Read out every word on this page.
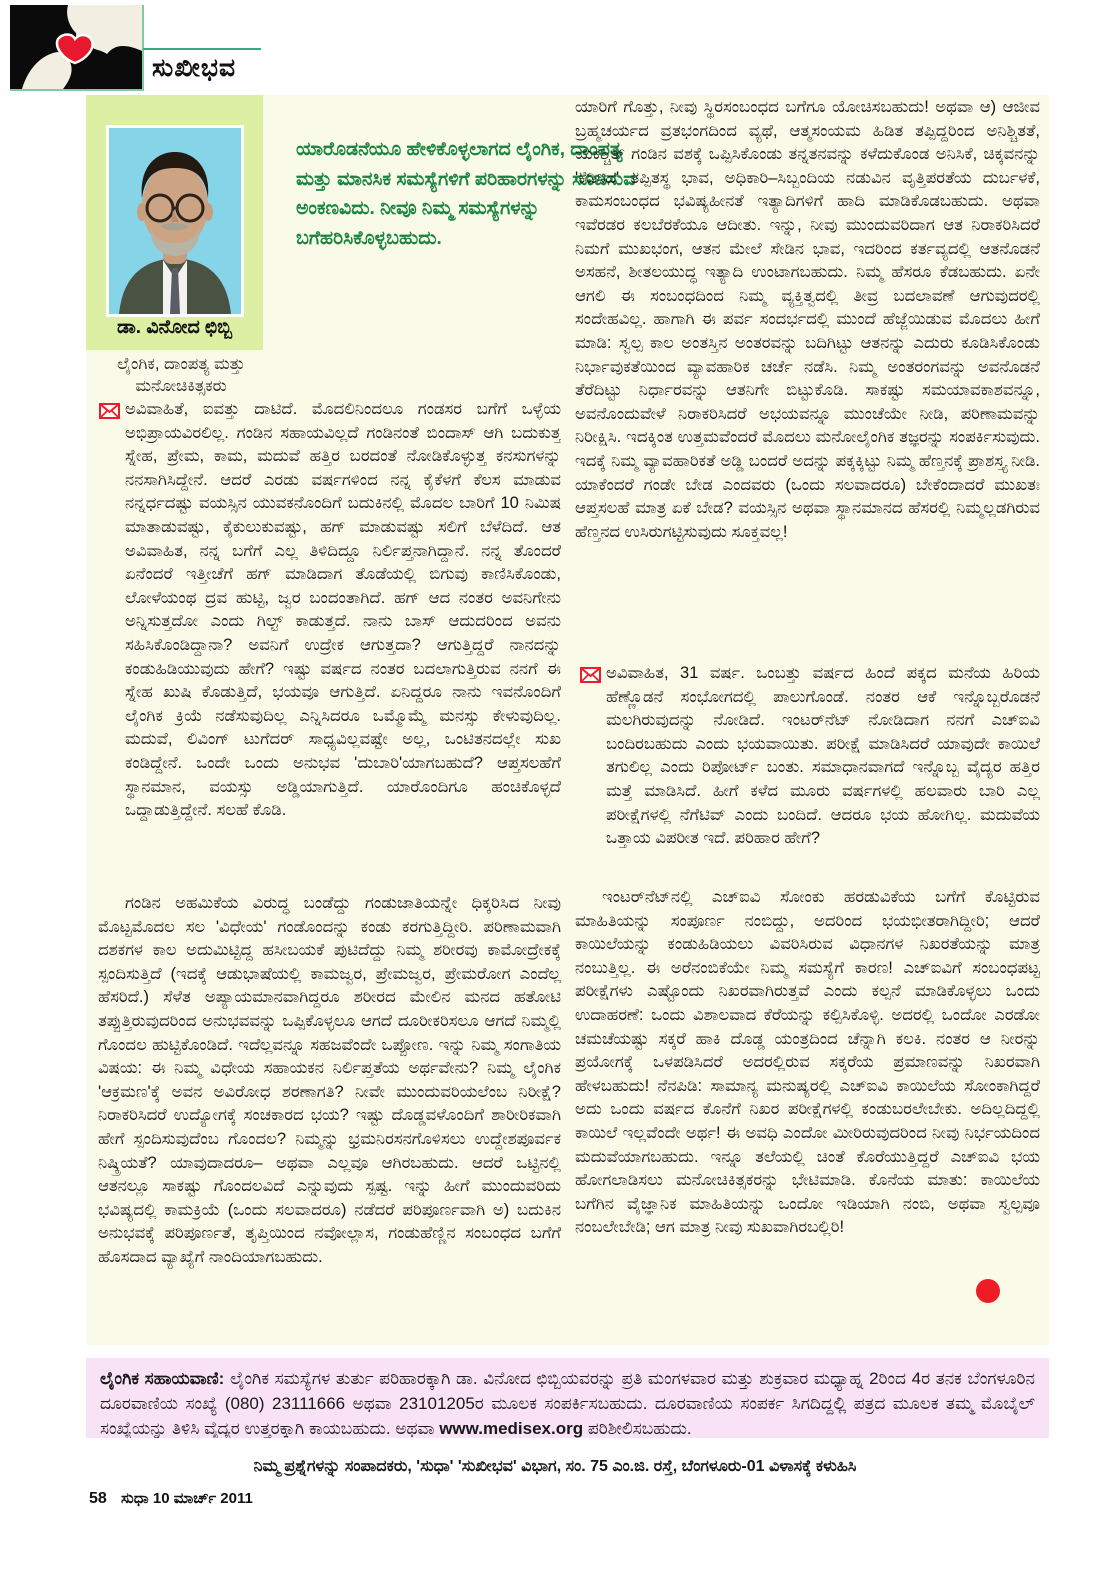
ಸುಖೀಭವ
ಡಾ. ವಿನೋದ ಛಿಬ್ಬಿ
ಲೈಂಗಿಕ, ದಾಂಪತ್ಯ ಮತ್ತು
ಮನೋಚಿಕಿತ್ಸಕರು
ಯಾರೊಡನೆಯೂ ಹೇಳಿಕೊಳ್ಳಲಾಗದ ಲೈಂಗಿಕ, ದಾಂಪತ್ಯ ಮತ್ತು ಮಾನಸಿಕ ಸಮಸ್ಯೆಗಳಿಗೆ ಪರಿಹಾರಗಳನ್ನು ಸೂಚಿಸುವ ಅಂಕಣವಿದು. ನೀವೂ ನಿಮ್ಮ ಸಮಸ್ಯೆಗಳನ್ನು ಬಗೆಹರಿಸಿಕೊಳ್ಳಬಹುದು.
ಅವಿವಾಹಿತೆ, ಐವತ್ತು ದಾಟಿದೆ. ಮೊದಲಿನಿಂದಲೂ ಗಂಡಸರ ಬಗೆಗೆ ಒಳ್ಳೆಯ ಅಭಿಪ್ರಾಯವಿರಲಿಲ್ಲ. ಗಂಡಿನ ಸಹಾಯವಿಲ್ಲದೆ ಗಂಡಿನಂತೆ ಬಿಂದಾಸ್ ಆಗಿ ಬದುಕುತ್ತ ಸ್ನೇಹ, ಪ್ರೇಮ, ಕಾಮ, ಮದುವೆ ಹತ್ತಿರ ಬರದಂತೆ ನೋಡಿಕೊಳ್ಳುತ್ತ ಕನಸುಗಳನ್ನು ನನಸಾಗಿಸಿದ್ದೇನೆ. ಆದರೆ ಎರಡು ವರ್ಷಗಳಿಂದ ನನ್ನ ಕೈಕೆಳಗೆ ಕೆಲಸ ಮಾಡುವ ನನ್ನರ್ಧದಷ್ಟು ವಯಸ್ಸಿನ ಯುವಕನೊಂದಿಗೆ ಬದುಕಿನಲ್ಲಿ ಮೊದಲ ಬಾರಿಗೆ 10 ನಿಮಿಷ ಮಾತಾಡುವಷ್ಟು, ಕೈಕುಲುಕುವಷ್ಟು, ಹಗ್ ಮಾಡುವಷ್ಟು ಸಲಿಗೆ ಬೆಳೆದಿದೆ. ಆತ ಅವಿವಾಹಿತ, ನನ್ನ ಬಗೆಗೆ ಎಲ್ಲ ತಿಳಿದಿದ್ದೂ ನಿರ್ಲಿಪ್ತನಾಗಿದ್ದಾನೆ. ನನ್ನ ತೊಂದರೆ ಏನೆಂದರೆ ಇತ್ತೀಚೆಗೆ ಹಗ್ ಮಾಡಿದಾಗ ತೊಡೆಯಲ್ಲಿ ಬಿಗುವು ಕಾಣಿಸಿಕೊಂಡು, ಲೋಳೆಯಂಥ ದ್ರವ ಹುಟ್ಟಿ, ಜ್ವರ ಬಂದಂತಾಗಿದೆ. ಹಗ್ ಆದ ನಂತರ ಅವನಿಗೇನು ಅನ್ನಿಸುತ್ತದೋ ಎಂದು ಗಿಲ್ಟ್ ಕಾಡುತ್ತದೆ. ನಾನು ಬಾಸ್ ಆದುದರಿಂದ ಅವನು ಸಹಿಸಿಕೊಂಡಿದ್ದಾನಾ? ಅವನಿಗೆ ಉದ್ರೇಕ ಆಗುತ್ತದಾ? ಆಗುತ್ತಿದ್ದರೆ ನಾನದನ್ನು ಕಂಡುಹಿಡಿಯುವುದು ಹೇಗೆ? ಇಷ್ಟು ವರ್ಷದ ನಂತರ ಬದಲಾಗುತ್ತಿರುವ ನನಗೆ ಈ ಸ್ನೇಹ ಖುಷಿ ಕೊಡುತ್ತಿದೆ, ಭಯವೂ ಆಗುತ್ತಿದೆ. ಏನಿದ್ದರೂ ನಾನು ಇವನೊಂದಿಗೆ ಲೈಂಗಿಕ ಕ್ರಿಯೆ ನಡೆಸುವುದಿಲ್ಲ ಎನ್ನಿಸಿದರೂ ಒಮ್ಮೊಮ್ಮೆ ಮನಸ್ಸು ಕೇಳುವುದಿಲ್ಲ. ಮದುವೆ, ಲಿವಿಂಗ್ ಟುಗೆದರ್ ಸಾಧ್ಯವಿಲ್ಲವಷ್ಟೇ ಅಲ್ಲ, ಒಂಟಿತನದಲ್ಲೇ ಸುಖ ಕಂಡಿದ್ದೇನೆ. ಒಂದೇ ಒಂದು ಅನುಭವ 'ದುಬಾರಿ'ಯಾಗಬಹುದೆ? ಆಪ್ತಸಲಹೆಗೆ ಸ್ಥಾನಮಾನ, ವಯಸ್ಸು ಅಡ್ಡಿಯಾಗುತ್ತಿದೆ. ಯಾರೊಂದಿಗೂ ಹಂಚಿಕೊಳ್ಳದೆ ಒದ್ದಾಡುತ್ತಿದ್ದೇನೆ. ಸಲಹೆ ಕೊಡಿ.
ಗಂಡಿನ ಅಹಮಿಕೆಯ ವಿರುದ್ಧ ಬಂಡೆದ್ದು ಗಂಡುಜಾತಿಯನ್ನೇ ಧಿಕ್ಕರಿಸಿದ ನೀವು ಮೊಟ್ಟಮೊದಲ ಸಲ 'ವಿಧೇಯ' ಗಂಡೊಂದನ್ನು ಕಂಡು ಕರಗುತ್ತಿದ್ದೀರಿ. ಪರಿಣಾಮವಾಗಿ ದಶಕಗಳ ಕಾಲ ಅದುಮಿಟ್ಟಿದ್ದ ಹಸೀಬಯಕೆ ಪುಟಿದೆದ್ದು ನಿಮ್ಮ ಶರೀರವು ಕಾಮೋದ್ರೇಕಕ್ಕೆ ಸ್ಪಂದಿಸುತ್ತಿದೆ (ಇದಕ್ಕೆ ಆಡುಭಾಷೆಯಲ್ಲಿ ಕಾಮಜ್ವರ, ಪ್ರೇಮಜ್ವರ, ಪ್ರೇಮರೋಗ ಎಂದೆಲ್ಲ ಹೆಸರಿದೆ.) ಸೆಳೆತ ಅಪ್ಯಾಯಮಾನವಾಗಿದ್ದರೂ ಶರೀರದ ಮೇಲಿನ ಮನದ ಹತೋಟಿ ತಪ್ಪುತ್ತಿರುವುದರಿಂದ ಅನುಭವವನ್ನು ಒಪ್ಪಿಕೊಳ್ಳಲೂ ಆಗದೆ ದೂರೀಕರಿಸಲೂ ಆಗದೆ ನಿಮ್ಮಲ್ಲಿ ಗೊಂದಲ ಹುಟ್ಟಿಕೊಂಡಿದೆ. ಇದೆಲ್ಲವನ್ನೂ ಸಹಜವೆಂದೇ ಒಪ್ಪೋಣ. ಇನ್ನು ನಿಮ್ಮ ಸಂಗಾತಿಯ ವಿಷಯ: ಈ ನಿಮ್ಮ ವಿಧೇಯ ಸಹಾಯಕನ ನಿರ್ಲಿಪ್ತತೆಯ ಅರ್ಥವೇನು? ನಿಮ್ಮ ಲೈಂಗಿಕ 'ಆಕ್ರಮಣ'ಕ್ಕೆ ಅವನ ಅವಿರೋಧ ಶರಣಾಗತಿ? ನೀವೇ ಮುಂದುವರಿಯಲೆಂಬ ನಿರೀಕ್ಷೆ? ನಿರಾಕರಿಸಿದರೆ ಉದ್ಯೋಗಕ್ಕೆ ಸಂಚಕಾರದ ಭಯ? ಇಷ್ಟು ದೊಡ್ಡವಳೊಂದಿಗೆ ಶಾರೀರಿಕವಾಗಿ ಹೇಗೆ ಸ್ಪಂದಿಸುವುದೆಂಬ ಗೊಂದಲ? ನಿಮ್ಮನ್ನು ಭ್ರಮನಿರಸನಗೊಳಿಸಲು ಉದ್ದೇಶಪೂರ್ವಕ ನಿಷ್ಕ್ರಿಯತೆ? ಯಾವುದಾದರೂ– ಅಥವಾ ಎಲ್ಲವೂ ಆಗಿರಬಹುದು. ಆದರೆ ಒಟ್ಟಿನಲ್ಲಿ ಆತನಲ್ಲೂ ಸಾಕಷ್ಟು ಗೊಂದಲವಿದೆ ಎನ್ನುವುದು ಸ್ಪಷ್ಟ. ಇನ್ನು ಹೀಗೆ ಮುಂದುವರಿದು ಭವಿಷ್ಯದಲ್ಲಿ ಕಾಮಕ್ರಿಯೆ (ಒಂದು ಸಲವಾದರೂ) ನಡೆದರೆ ಪರಿಪೂರ್ಣವಾಗಿ ಅ) ಬದುಕಿನ ಅನುಭವಕ್ಕೆ ಪರಿಪೂರ್ಣತೆ, ತೃಪ್ತಿಯಿಂದ ನವೋಲ್ಲಾಸ, ಗಂಡುಹೆಣ್ಣಿನ ಸಂಬಂಧದ ಬಗೆಗೆ ಹೊಸದಾದ ವ್ಯಾಖ್ಯೆಗೆ ನಾಂದಿಯಾಗಬಹುದು.
ಯಾರಿಗೆ ಗೊತ್ತು, ನೀವು ಸ್ಥಿರಸಂಬಂಧದ ಬಗೆಗೂ ಯೋಚಿಸಬಹುದು! ಅಥವಾ ಆ) ಆಜೀವ ಬ್ರಹ್ಮಚರ್ಯದ ವ್ರತಭಂಗದಿಂದ ವ್ಯಥೆ, ಆತ್ಮಸಂಯಮ ಹಿಡಿತ ತಪ್ಪಿದ್ದರಿಂದ ಅನಿಶ್ಚಿತತೆ, ಯಕಶ್ಚಿತ್ ಗಂಡಿನ ವಶಕ್ಕೆ ಒಪ್ಪಿಸಿಕೊಂಡು ತನ್ನತನವನ್ನು ಕಳೆದುಕೊಂಡ ಅನಿಸಿಕೆ, ಚಿಕ್ಕವನನ್ನು 'ಕೆಡಿಸಿದ' ತಪ್ಪಿತಸ್ಥ ಭಾವ, ಅಧಿಕಾರಿ–ಸಿಬ್ಬಂದಿಯ ನಡುವಿನ ವೃತ್ತಿಪರತೆಯ ದುರ್ಬಳಕೆ, ಕಾಮಸಂಬಂಧದ ಭವಿಷ್ಯಹೀನತೆ ಇತ್ಯಾದಿಗಳಿಗೆ ಹಾದಿ ಮಾಡಿಕೊಡಬಹುದು. ಅಥವಾ ಇವೆರಡರ ಕಲಬೆರಕೆಯೂ ಆದೀತು. ಇನ್ನು, ನೀವು ಮುಂದುವರಿದಾಗ ಆತ ನಿರಾಕರಿಸಿದರೆ ನಿಮಗೆ ಮುಖಭಂಗ, ಆತನ ಮೇಲೆ ಸೇಡಿನ ಭಾವ, ಇದರಿಂದ ಕರ್ತವ್ಯದಲ್ಲಿ ಆತನೊಡನೆ ಅಸಹನೆ, ಶೀತಲಯುದ್ಧ ಇತ್ಯಾದಿ ಉಂಟಾಗಬಹುದು. ನಿಮ್ಮ ಹೆಸರೂ ಕೆಡಬಹುದು. ಏನೇ ಆಗಲಿ ಈ ಸಂಬಂಧದಿಂದ ನಿಮ್ಮ ವ್ಯಕ್ತಿತ್ವದಲ್ಲಿ ತೀವ್ರ ಬದಲಾವಣೆ ಆಗುವುದರಲ್ಲಿ ಸಂದೇಹವಿಲ್ಲ. ಹಾಗಾಗಿ ಈ ಪರ್ವ ಸಂದರ್ಭದಲ್ಲಿ ಮುಂದೆ ಹೆಜ್ಜೆಯಿಡುವ ಮೊದಲು ಹೀಗೆ ಮಾಡಿ: ಸ್ವಲ್ಪ ಕಾಲ ಅಂತಸ್ತಿನ ಅಂತರವನ್ನು ಬದಿಗಿಟ್ಟು ಆತನನ್ನು ಎದುರು ಕೂಡಿಸಿಕೊಂಡು ನಿರ್ಭಾವುಕತೆಯಿಂದ ವ್ಯಾವಹಾರಿಕ ಚರ್ಚೆ ನಡೆಸಿ. ನಿಮ್ಮ ಅಂತರಂಗವನ್ನು ಅವನೊಡನೆ ತೆರೆದಿಟ್ಟು ನಿರ್ಧಾರವನ್ನು ಆತನಿಗೇ ಬಿಟ್ಟುಕೊಡಿ. ಸಾಕಷ್ಟು ಸಮಯಾವಕಾಶವನ್ನೂ, ಅವನೊಂದುವೇಳೆ ನಿರಾಕರಿಸಿದರೆ ಅಭಯವನ್ನೂ ಮುಂಚೆಯೇ ನೀಡಿ, ಪರಿಣಾಮವನ್ನು ನಿರೀಕ್ಷಿಸಿ. ಇದಕ್ಕಿಂತ ಉತ್ತಮವೆಂದರೆ ಮೊದಲು ಮನೋಲೈಂಗಿಕ ತಜ್ಞರನ್ನು ಸಂಪರ್ಕಿಸುವುದು. ಇದಕ್ಕೆ ನಿಮ್ಮ ವ್ಯಾವಹಾರಿಕತೆ ಅಡ್ಡಿ ಬಂದರೆ ಅದನ್ನು ಪಕ್ಕಕ್ಕಿಟ್ಟು ನಿಮ್ಮ ಹೆಣ್ತನಕ್ಕೆ ಪ್ರಾಶಸ್ತ್ಯ ನೀಡಿ. ಯಾಕೆಂದರೆ ಗಂಡೇ ಬೇಡ ಎಂದವರು (ಒಂದು ಸಲವಾದರೂ) ಬೇಕೆಂದಾದರೆ ಮುಖತಃ ಆಪ್ತಸಲಹೆ ಮಾತ್ರ ಏಕೆ ಬೇಡ? ವಯಸ್ಸಿನ ಅಥವಾ ಸ್ಥಾನಮಾನದ ಹೆಸರಲ್ಲಿ ನಿಮ್ಮಲ್ಲಡಗಿರುವ ಹೆಣ್ತನದ ಉಸಿರುಗಟ್ಟಿಸುವುದು ಸೂಕ್ತವಲ್ಲ!
ಅವಿವಾಹಿತ, 31 ವರ್ಷ. ಒಂಬತ್ತು ವರ್ಷದ ಹಿಂದೆ ಪಕ್ಕದ ಮನೆಯ ಹಿರಿಯ ಹೆಣ್ಣೊಡನೆ ಸಂಭೋಗದಲ್ಲಿ ಪಾಲುಗೊಂಡೆ. ನಂತರ ಆಕೆ ಇನ್ನೊಬ್ಬರೊಡನೆ ಮಲಗಿರುವುದನ್ನು ನೋಡಿದೆ. ಇಂಟರ್‌ನೆಟ್ ನೋಡಿದಾಗ ನನಗೆ ಎಚ್‌ಐವಿ ಬಂದಿರಬಹುದು ಎಂದು ಭಯವಾಯಿತು. ಪರೀಕ್ಷೆ ಮಾಡಿಸಿದರೆ ಯಾವುದೇ ಕಾಯಿಲೆ ತಗುಲಿಲ್ಲ ಎಂದು ರಿಪೋರ್ಟ್ ಬಂತು. ಸಮಾಧಾನವಾಗದೆ ಇನ್ನೊಬ್ಬ ವೈದ್ಯರ ಹತ್ತಿರ ಮತ್ತೆ ಮಾಡಿಸಿದೆ. ಹೀಗೆ ಕಳೆದ ಮೂರು ವರ್ಷಗಳಲ್ಲಿ ಹಲವಾರು ಬಾರಿ ಎಲ್ಲ ಪರೀಕ್ಷೆಗಳಲ್ಲಿ ನೆಗೆಟಿವ್ ಎಂದು ಬಂದಿದೆ. ಆದರೂ ಭಯ ಹೋಗಿಲ್ಲ. ಮದುವೆಯ ಒತ್ತಾಯ ವಿಪರೀತ ಇದೆ. ಪರಿಹಾರ ಹೇಗೆ?
ಇಂಟರ್‌ನೆಟ್‌ನಲ್ಲಿ ಎಚ್‌ಐವಿ ಸೋಂಕು ಹರಡುವಿಕೆಯ ಬಗೆಗೆ ಕೊಟ್ಟಿರುವ ಮಾಹಿತಿಯನ್ನು ಸಂಪೂರ್ಣ ನಂಬಿದ್ದು, ಅದರಿಂದ ಭಯಭೀತರಾಗಿದ್ದೀರಿ; ಆದರೆ ಕಾಯಿಲೆಯನ್ನು ಕಂಡುಹಿಡಿಯಲು ವಿವರಿಸಿರುವ ವಿಧಾನಗಳ ನಿಖರತೆಯನ್ನು ಮಾತ್ರ ನಂಬುತ್ತಿಲ್ಲ. ಈ ಅರೆನಂಬಿಕೆಯೇ ನಿಮ್ಮ ಸಮಸ್ಯೆಗೆ ಕಾರಣ! ಎಚ್‌ಐವಿಗೆ ಸಂಬಂಧಪಟ್ಟ ಪರೀಕ್ಷೆಗಳು ಎಷ್ಟೊಂದು ನಿಖರವಾಗಿರುತ್ತವೆ ಎಂದು ಕಲ್ಪನೆ ಮಾಡಿಕೊಳ್ಳಲು ಒಂದು ಉದಾಹರಣೆ: ಒಂದು ವಿಶಾಲವಾದ ಕೆರೆಯನ್ನು ಕಲ್ಪಿಸಿಕೊಳ್ಳಿ. ಅದರಲ್ಲಿ ಒಂದೋ ಎರಡೋ ಚಮಚೆಯಷ್ಟು ಸಕ್ಕರೆ ಹಾಕಿ ದೊಡ್ಡ ಯಂತ್ರದಿಂದ ಚೆನ್ನಾಗಿ ಕಲಕಿ. ನಂತರ ಆ ನೀರನ್ನು ಪ್ರಯೋಗಕ್ಕೆ ಒಳಪಡಿಸಿದರೆ ಅದರಲ್ಲಿರುವ ಸಕ್ಕರೆಯ ಪ್ರಮಾಣವನ್ನು ನಿಖರವಾಗಿ ಹೇಳಬಹುದು! ನೆನಪಿಡಿ: ಸಾಮಾನ್ಯ ಮನುಷ್ಯರಲ್ಲಿ ಎಚ್‌ಐವಿ ಕಾಯಿಲೆಯ ಸೋಂಕಾಗಿದ್ದರೆ ಅದು ಒಂದು ವರ್ಷದ ಕೊನೆಗೆ ನಿಖರ ಪರೀಕ್ಷೆಗಳಲ್ಲಿ ಕಂಡುಬರಲೇಬೇಕು. ಅದಿಲ್ಲದಿದ್ದಲ್ಲಿ ಕಾಯಿಲೆ ಇಲ್ಲವೆಂದೇ ಅರ್ಥ! ಈ ಅವಧಿ ಎಂದೋ ಮೀರಿರುವುದರಿಂದ ನೀವು ನಿರ್ಭಯದಿಂದ ಮದುವೆಯಾಗಬಹುದು. ಇನ್ನೂ ತಲೆಯಲ್ಲಿ ಚಿಂತೆ ಕೊರೆಯುತ್ತಿದ್ದರೆ ಎಚ್‌ಐವಿ ಭಯ ಹೋಗಲಾಡಿಸಲು ಮನೋಚಿಕಿತ್ಸಕರನ್ನು ಭೇಟಿಮಾಡಿ. ಕೊನೆಯ ಮಾತು: ಕಾಯಿಲೆಯ ಬಗೆಗಿನ ವೈಜ್ಞಾನಿಕ ಮಾಹಿತಿಯನ್ನು ಒಂದೋ ಇಡಿಯಾಗಿ ನಂಬಿ, ಅಥವಾ ಸ್ವಲ್ಪವೂ ನಂಬಲೇಬೇಡಿ; ಆಗ ಮಾತ್ರ ನೀವು ಸುಖವಾಗಿರಬಲ್ಲಿರಿ!
ಲೈಂಗಿಕ ಸಹಾಯವಾಣಿ: ಲೈಂಗಿಕ ಸಮಸ್ಯೆಗಳ ತುರ್ತು ಪರಿಹಾರಕ್ಕಾಗಿ ಡಾ. ವಿನೋದ ಛಿಬ್ಬಿಯವರನ್ನು ಪ್ರತಿ ಮಂಗಳವಾರ ಮತ್ತು ಶುಕ್ರವಾರ ಮಧ್ಯಾಹ್ನ 2ರಿಂದ 4ರ ತನಕ ಬೆಂಗಳೂರಿನ ದೂರವಾಣಿಯ ಸಂಖ್ಯೆ (080) 23111666 ಅಥವಾ 23101205ರ ಮೂಲಕ ಸಂಪರ್ಕಿಸಬಹುದು. ದೂರವಾಣಿಯ ಸಂಪರ್ಕ ಸಿಗದಿದ್ದಲ್ಲಿ ಪತ್ರದ ಮೂಲಕ ತಮ್ಮ ಮೊಬೈಲ್ ಸಂಖ್ಯೆಯನ್ನು ತಿಳಿಸಿ ವೈದ್ಯರ ಉತ್ತರಕ್ಕಾಗಿ ಕಾಯಬಹುದು. ಅಥವಾ www.medisex.org ಪರಿಶೀಲಿಸಬಹುದು.
ನಿಮ್ಮ ಪ್ರಶ್ನೆಗಳನ್ನು ಸಂಪಾದಕರು, 'ಸುಧಾ' 'ಸುಖೀಭವ' ವಿಭಾಗ, ಸಂ. 75 ಎಂ.ಜಿ. ರಸ್ತೆ, ಬೆಂಗಳೂರು-01 ವಿಳಾಸಕ್ಕೆ ಕಳುಹಿಸಿ
58 ಸುಧಾ 10 ಮಾರ್ಚ್ 2011
